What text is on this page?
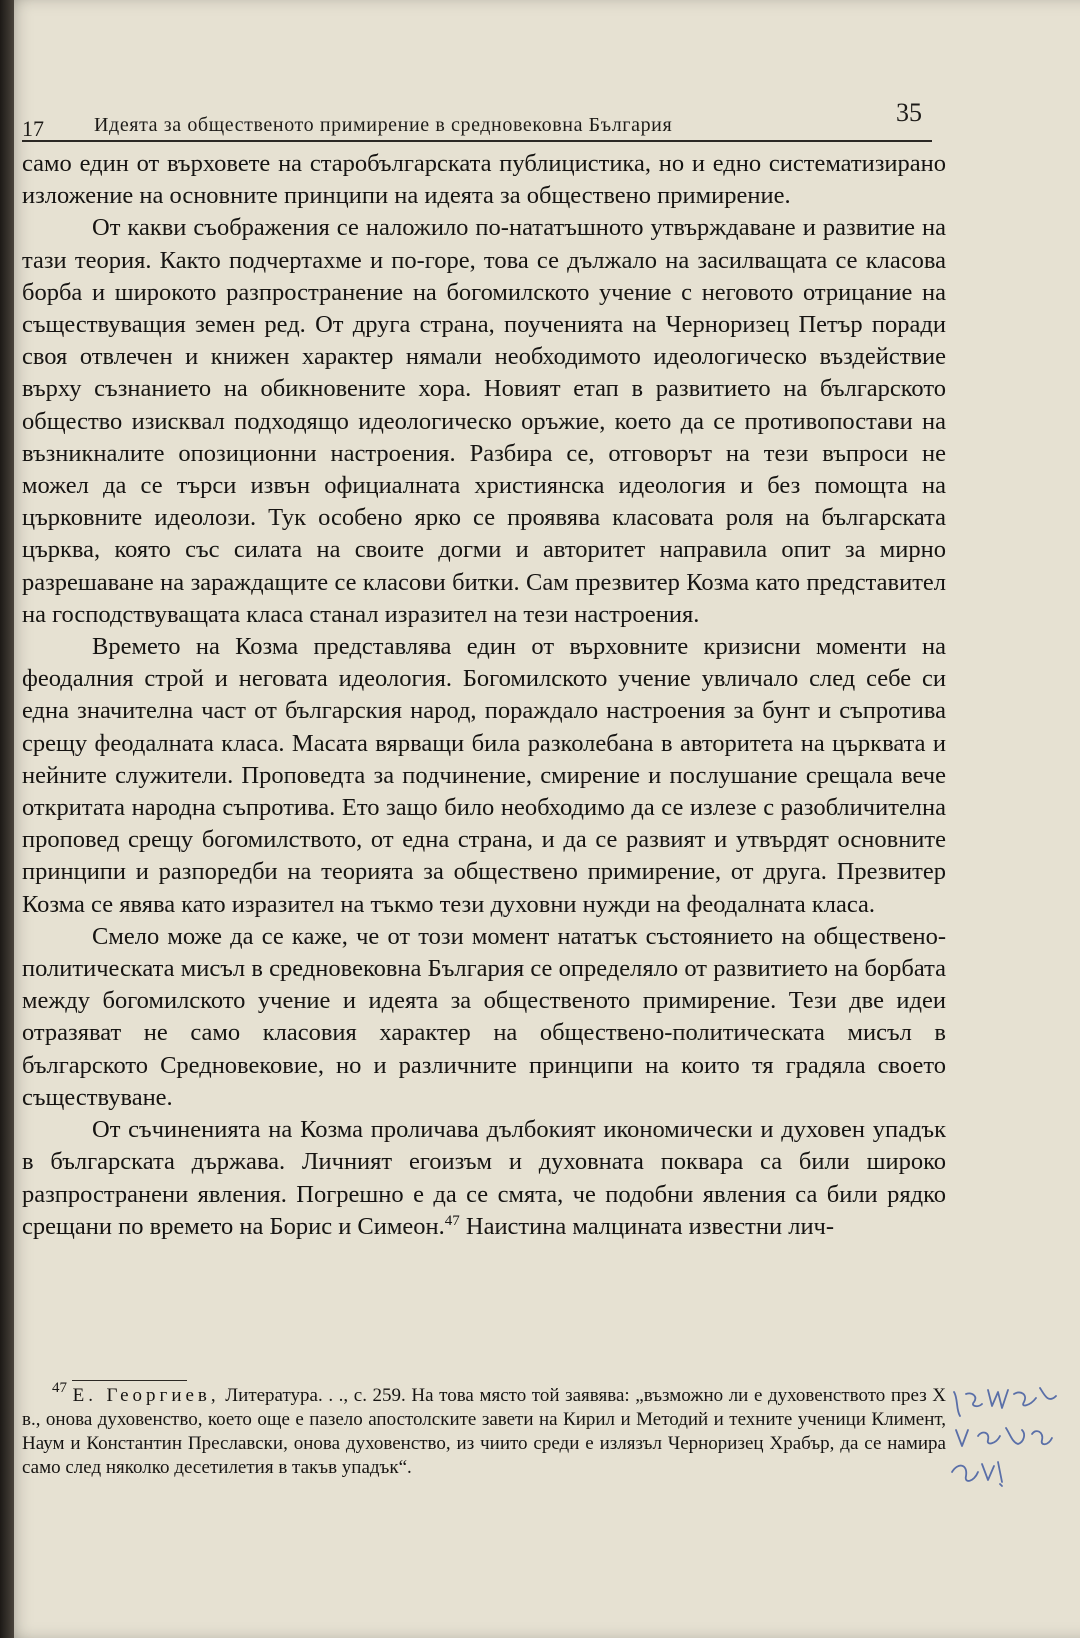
17	Идеята за общественото примирение в средновековна България	35

само един от върховете на старобългарската публицистика, но и едно систематизирано изложение на основните принципи на идеята за обществено примирение.

От какви съображения се наложило по-нататъшното утвърждаване и развитие на тази теория. Както подчертахме и по-горе, това се дължало на засилващата се класова борба и широкото разпространение на богомилското учение с неговото отрицание на съществуващия земен ред. От друга страна, поученията на Черноризец Петър поради своя отвлечен и книжен характер нямали необходимото идеологическо въздействие върху съзнанието на обикновените хора. Новият етап в развитието на българското общество изисквал подходящо идеологическо оръжие, което да се противопостави на възникналите опозиционни настроения. Разбира се, отговорът на тези въпроси не можел да се търси извън официалната християнска идеология и без помощта на църковните идеолози. Тук особено ярко се проявява класовата роля на българската църква, която със силата на своите догми и авторитет направила опит за мирно разрешаване на зараждащите се класови битки. Сам презвитер Козма като представител на господствуващата класа станал изразител на тези настроения.

Времето на Козма представлява един от върховните кризисни моменти на феодалния строй и неговата идеология. Богомилското учение увличало след себе си една значителна част от българския народ, пораждало настроения за бунт и съпротива срещу феодалната класа. Масата вярващи била разколебана в авторитета на църквата и нейните служители. Проповедта за подчинение, смирение и послушание срещала вече откритата народна съпротива. Ето защо било необходимо да се излезе с разобличителна проповед срещу богомилството, от една страна, и да се развият и утвърдят основните принципи и разпоредби на теорията за обществено примирение, от друга. Презвитер Козма се явява като изразител на тъкмо тези духовни нужди на феодалната класа.

Смело може да се каже, че от този момент нататък състоянието на обществено-политическата мисъл в средновековна България се определяло от развитието на борбата между богомилското учение и идеята за общественото примирение. Тези две идеи отразяват не само класовия характер на обществено-политическата мисъл в българското Средновековие, но и различните принципи на които тя градяла своето съществуване.

От съчиненията на Козма проличава дълбокият икономически и духовен упадък в българската държава. Личният егоизъм и духовната поквара са били широко разпространени явления. Погрешно е да се смята, че подобни явления са били рядко срещани по времето на Борис и Симеон.$^{47}$ Наистина малцината известни лич-

$^{47}$ Е. Георгиев, Литература. . ., с. 259. На това място той заявява: „възможно ли е духовенството през X в., онова духовенство, което още е пазело апостолските завети на Кирил и Методий и техните ученици Климент, Наум и Константин Преславски, онова духовенство, из чиито среди е излязъл Черноризец Храбър, да се намира само след няколко десетилетия в такъв упадък“.
